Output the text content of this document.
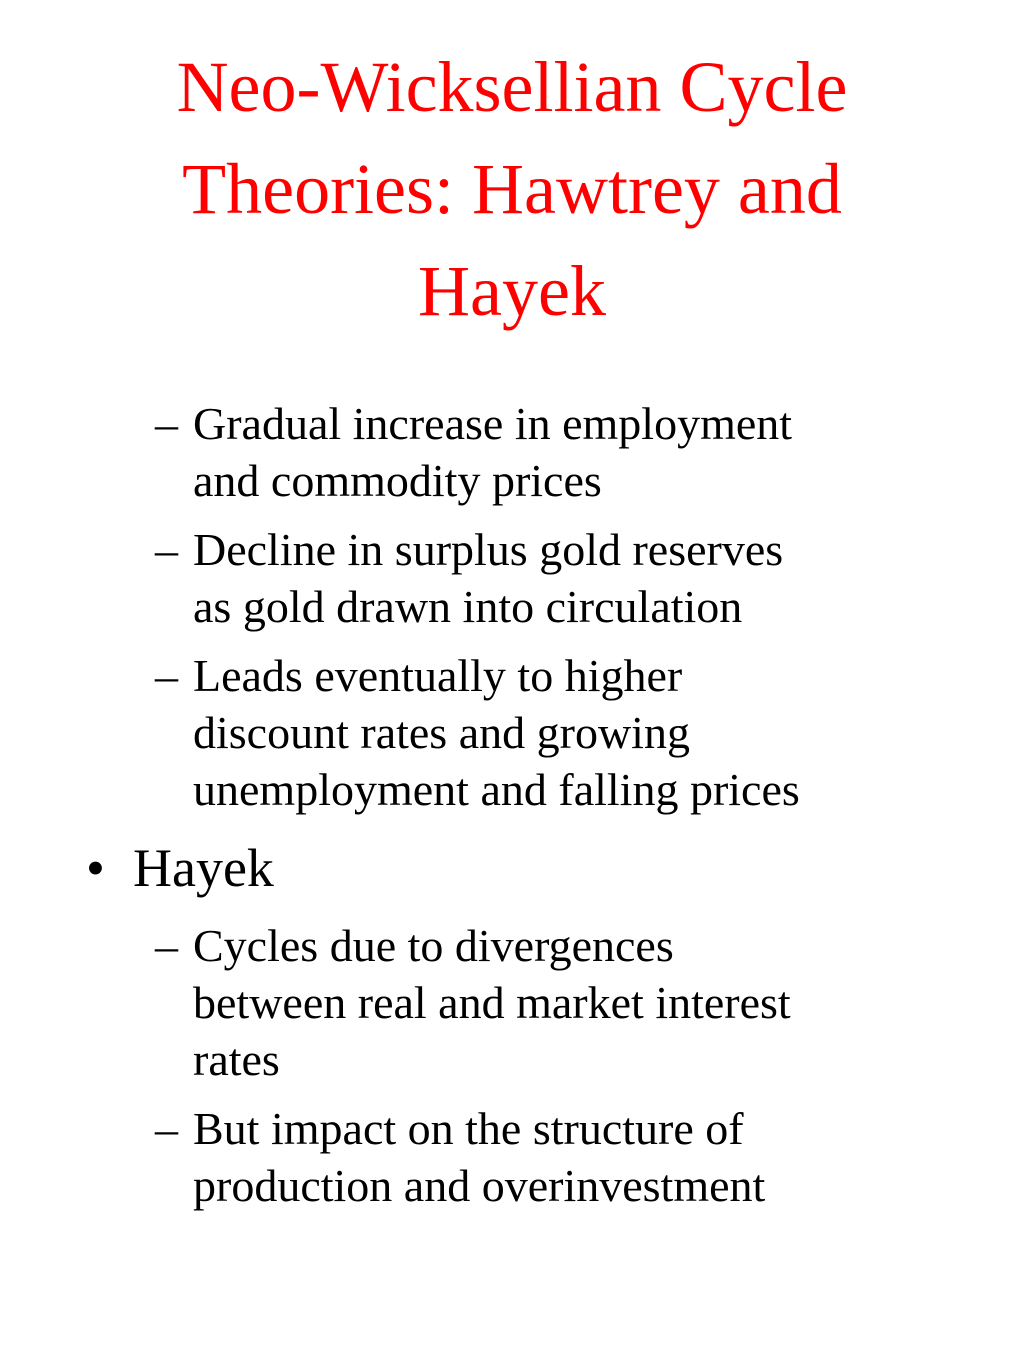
Neo-Wicksellian Cycle
Theories: Hawtrey and
Hayek
– Gradual increase in employment
and commodity prices
– Decline in surplus gold reserves
as gold drawn into circulation
– Leads eventually to higher
discount rates and growing
unemployment and falling prices
• Hayek
– Cycles due to divergences
between real and market interest
rates
– But impact on the structure of
production and overinvestment
